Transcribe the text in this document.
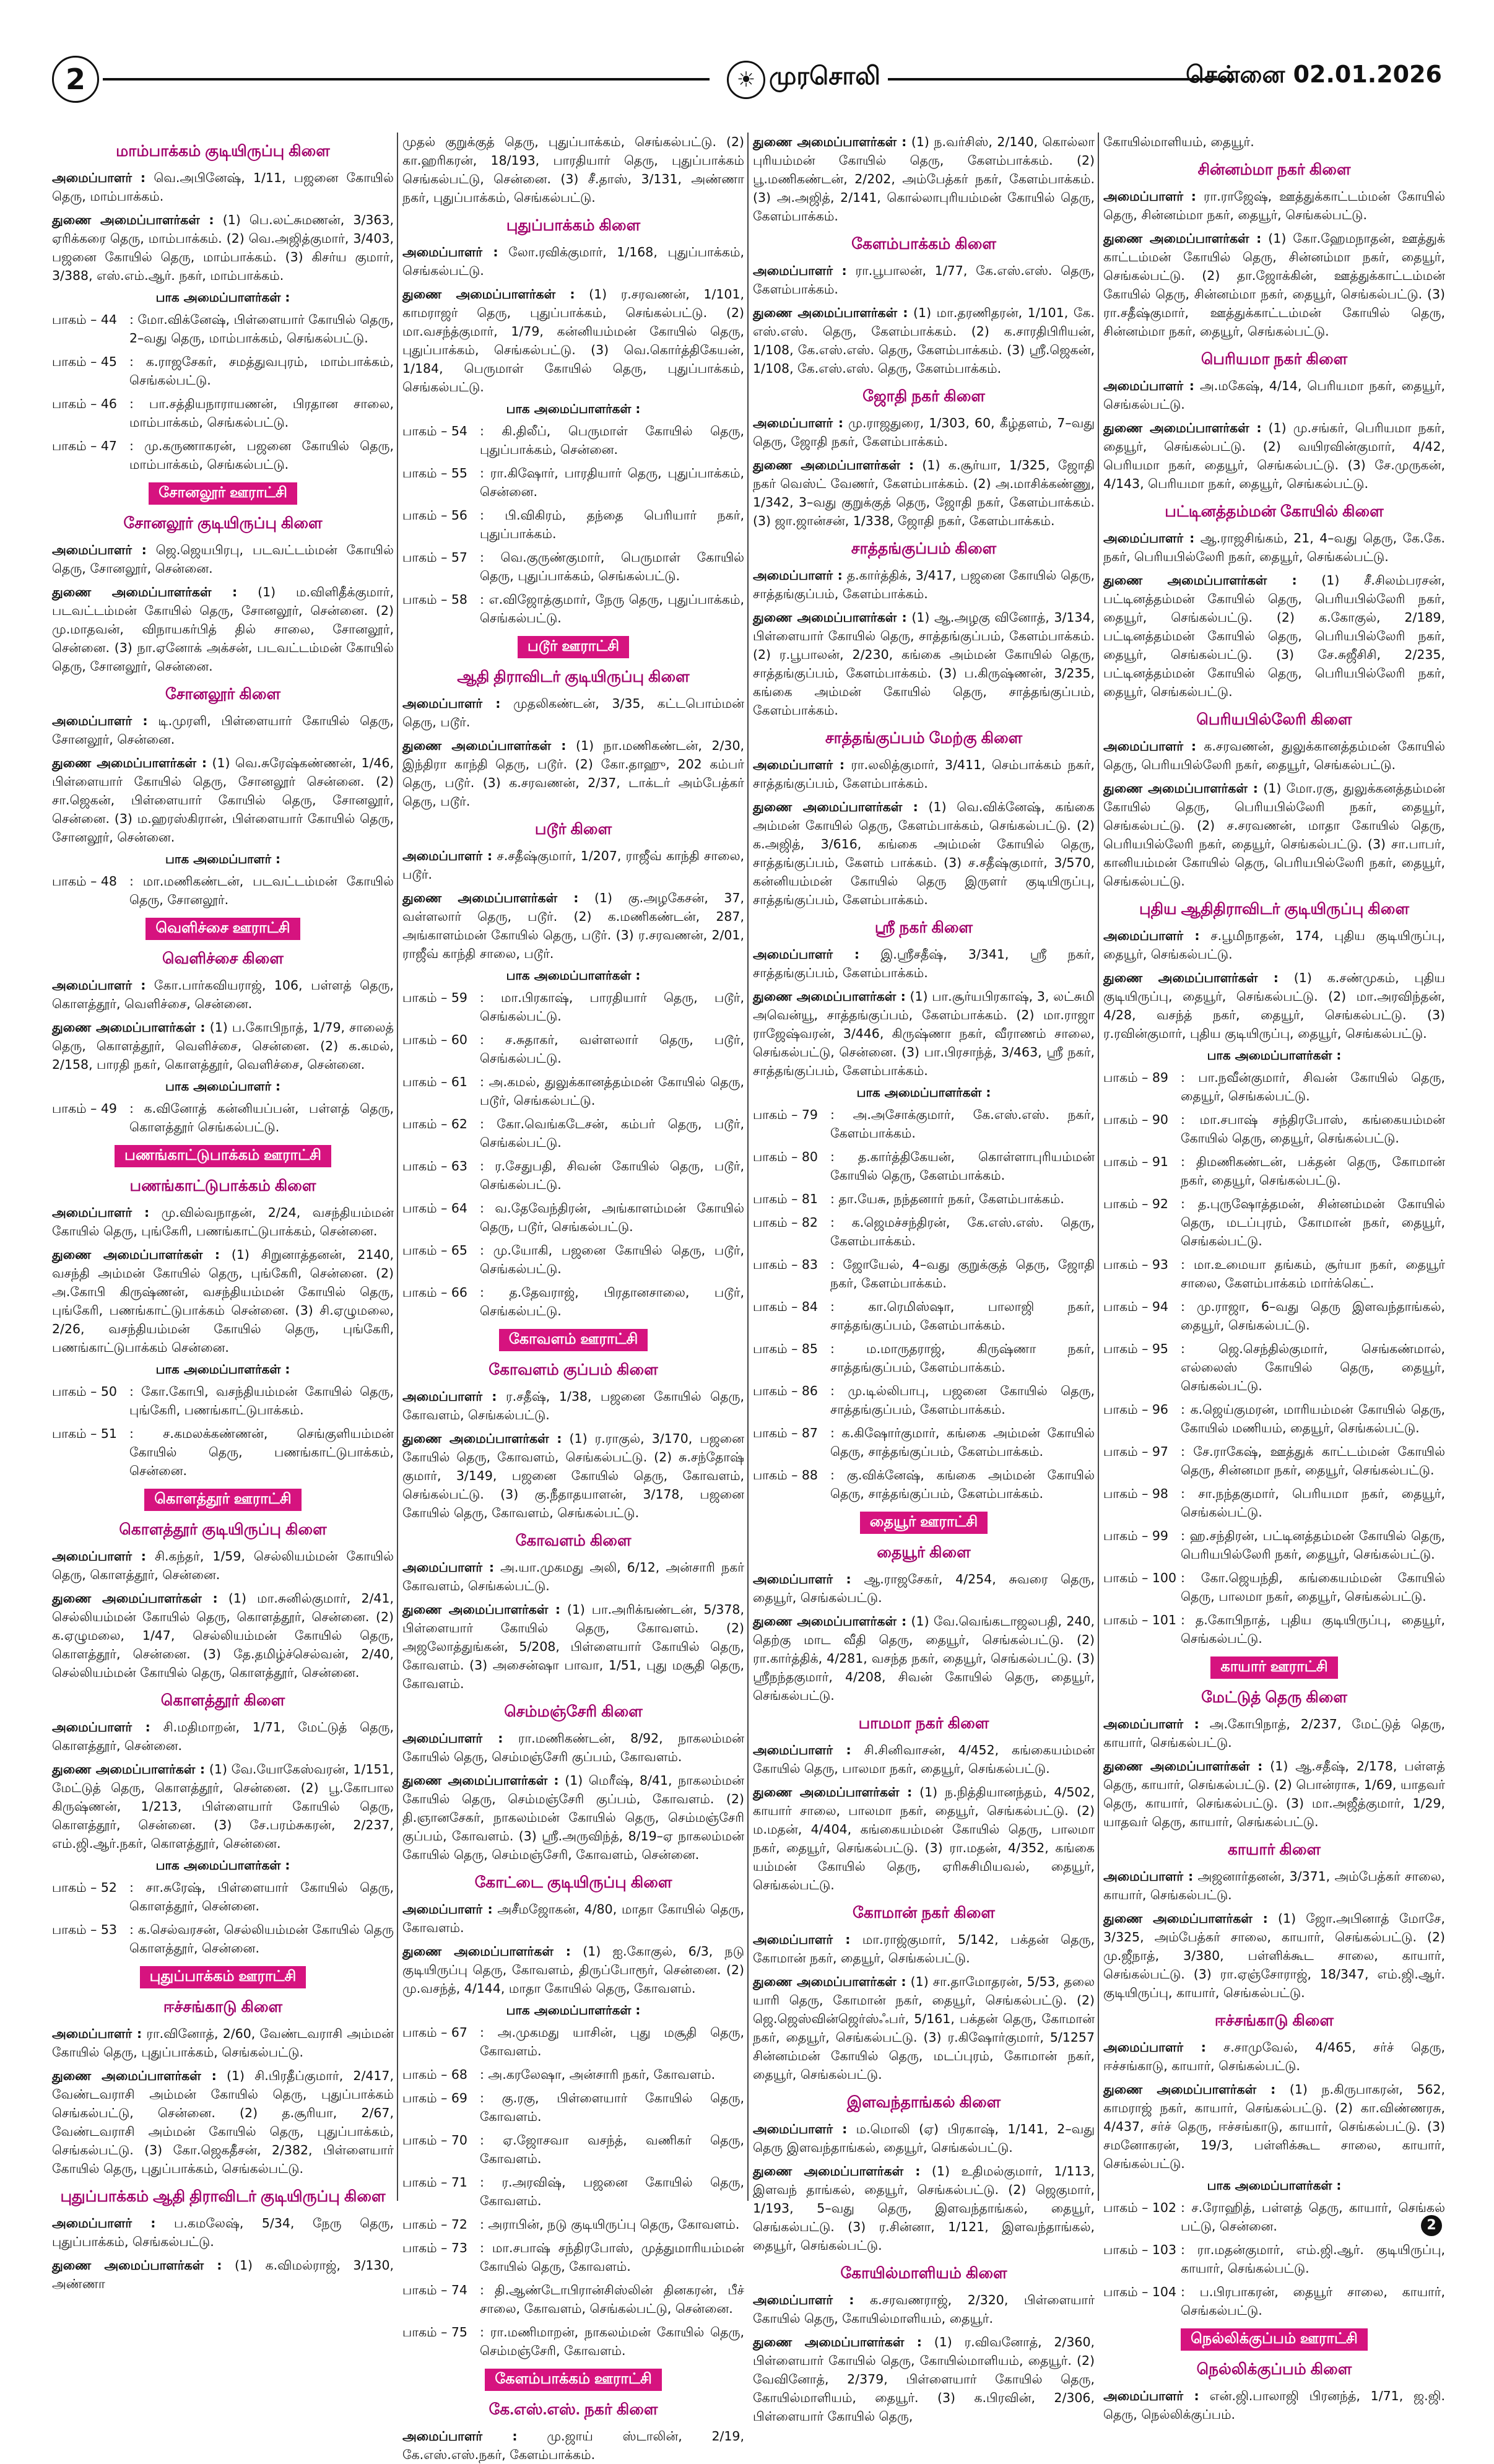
2	☀ முரசொலி	சென்னை 02.01.2026
மாம்பாக்கம் குடியிருப்பு கிளை

அமைப்பாளர் : வெ.அபினேஷ், 1/11, பஜனை கோயில் தெரு, மாம்பாக்கம்.

துணை அமைப்பாளர்கள் : (1) பெ.லட்சுமணன், 3/363, ஏரிக்கரை தெரு, மாம்பாக்கம். (2) வெ.அஜித்குமார், 3/403, பஜனை கோயில் தெரு, மாம்பாக்கம். (3) கிசர்ய குமார், 3/388, எஸ்.எம்.ஆர். நகர், மாம்பாக்கம்.

பாக அமைப்பாளர்கள் :
பாகம் – 44 : மோ.விக்னேஷ், பிள்ளையார் கோயில் தெரு, 2–வது தெரு, மாம்பாக்கம், செங்கல்பட்டு.
பாகம் – 45 : க.ராஜசேகர், சமத்துவபுரம், மாம்பாக்கம், செங்கல்பட்டு.
பாகம் – 46 : பா.சத்தியநாராயணன், பிரதான சாலை, மாம்பாக்கம், செங்கல்பட்டு.
பாகம் – 47 : மு.கருணாகரன், பஜனை கோயில் தெரு, மாம்பாக்கம், செங்கல்பட்டு.
சோனலூர் ஊராட்சி
சோனலூர் குடியிருப்பு கிளை

அமைப்பாளர் : ஜெ.ஜெயபிரபு, படவட்டம்மன் கோயில் தெரு, சோனலூர், சென்னை.

துணை அமைப்பாளர்கள் : (1) ம.விளிதீக்குமார், படவட்டம்மன் கோயில் தெரு, சோனலூர், சென்னை. (2) மு.மாதவன், விநாயகர்பித் தில் சாலை, சோனலூர், சென்னை. (3) நா.ஏனோக் அக்சன், படவட்டம்மன் கோயில் தெரு, சோனலூர், சென்னை.

சோனலூர் கிளை

அமைப்பாளர் : டி.முரளி, பிள்ளையார் கோயில் தெரு, சோனலூர், சென்னை.

துணை அமைப்பாளர்கள் : (1) வெ.சுரேஷ்கண்ணன், 1/46, பிள்ளையார் கோயில் தெரு, சோனலூர் சென்னை. (2) சா.ஜெகன், பிள்ளையார் கோயில் தெரு, சோனலூர், சென்னை. (3) ம.ஹரஸ்கிரான், பிள்ளையார் கோயில் தெரு, சோனலூர், சென்னை.

பாக அமைப்பாளர் :
பாகம் – 48 : மா.மணிகண்டன், படவட்டம்மன் கோயில் தெரு, சோனலூர்.
வெளிச்சை ஊராட்சி
வெளிச்சை கிளை

அமைப்பாளர் : கோ.பார்கவியராஜ், 106, பள்ளத் தெரு, கொளத்தூர், வெளிச்சை, சென்னை.

துணை அமைப்பாளர்கள் : (1) ப.கோபிநாத், 1/79, சாலைத் தெரு, கொளத்தூர், வெளிச்சை, சென்னை. (2) க.கமல், 2/158, பாரதி நகர், கொளத்தூர், வெளிச்சை, சென்னை.

பாக அமைப்பாளர் :
பாகம் – 49 : க.வினோத் கன்னியப்பன், பள்ளத் தெரு, கொளத்தூர் செங்கல்பட்டு.
பணங்காட்டுபாக்கம் ஊராட்சி
பணங்காட்டுபாக்கம் கிளை

அமைப்பாளர் : மு.வில்வநாதன், 2/24, வசந்தியம்மன் கோயில் தெரு, புங்கேரி, பணங்காட்டுபாக்கம், சென்னை.

துணை அமைப்பாளர்கள் : (1) சிறுனாத்தனன், 2140, வசந்தி அம்மன் கோயில் தெரு, புங்கேரி, சென்னை. (2) அ.கோபி கிருஷ்ணன், வசந்தியம்மன் கோயில் தெரு, புங்கேரி, பணங்காட்டுபாக்கம் சென்னை. (3) சி.ஏழுமலை, 2/26, வசந்தியம்மன் கோயில் தெரு, புங்கேரி, பணங்காட்டுபாக்கம் சென்னை.

பாக அமைப்பாளர்கள் :
பாகம் – 50 : கோ.கோபி, வசந்தியம்மன் கோயில் தெரு, புங்கேரி, பணங்காட்டுபாக்கம்.
பாகம் – 51 : ச.கமலக்கண்ணன், செங்குளியம்மன் கோயில் தெரு, பணங்காட்டுபாக்கம், சென்னை.
கொளத்தூர் ஊராட்சி
கொளத்தூர் குடியிருப்பு கிளை

அமைப்பாளர் : சி.கந்தர், 1/59, செல்லியம்மன் கோயில் தெரு, கொளத்தூர், சென்னை.

துணை அமைப்பாளர்கள் : (1) மா.சுனில்குமார், 2/41, செல்லியம்மன் கோயில் தெரு, கொளத்தூர், சென்னை. (2) க.ஏழுமலை, 1/47, செல்லியம்மன் கோயில் தெரு, கொளத்தூர், சென்னை. (3) தே.தமிழ்ச்செல்வன், 2/40, செல்லியம்மன் கோயில் தெரு, கொளத்தூர், சென்னை.

கொளத்தூர் கிளை

அமைப்பாளர் : சி.மதிமாறன், 1/71, மேட்டுத் தெரு, கொளத்தூர், சென்னை.

துணை அமைப்பாளர்கள் : (1) வே.யோகேஸ்வரன், 1/151, மேட்டுத் தெரு, கொளத்தூர், சென்னை. (2) பூ.கோபால கிருஷ்ணன், 1/213, பிள்ளையார் கோயில் தெரு, கொளத்தூர், சென்னை. (3) சே.பரம்சுகரன், 2/237, எம்.ஜி.ஆர்.நகர், கொளத்தூர், சென்னை.

பாக அமைப்பாளர்கள் :
பாகம் – 52 : சா.சுரேஷ், பிள்ளையார் கோயில் தெரு, கொளத்தூர், சென்னை.
பாகம் – 53 : க.செல்வரசன், செல்லியம்மன் கோயில் தெரு கொளத்தூர், சென்னை.
புதுப்பாக்கம் ஊராட்சி
ஈச்சங்காடு கிளை

அமைப்பாளர் : ரா.வினோத், 2/60, வேண்டவராசி அம்மன் கோயில் தெரு, புதுப்பாக்கம், செங்கல்பட்டு.

துணை அமைப்பாளர்கள் : (1) சி.பிரதீப்குமார், 2/417, வேண்டவராசி அம்மன் கோயில் தெரு, புதுப்பாக்கம் செங்கல்பட்டு, சென்னை. (2) த.சூரியா, 2/67, வேண்டவராசி அம்மன் கோயில் தெரு, புதுப்பாக்கம், செங்கல்பட்டு. (3) கோ.ஜெகதீசன், 2/382, பிள்ளையார் கோயில் தெரு, புதுப்பாக்கம், செங்கல்பட்டு.

புதுப்பாக்கம் ஆதி திராவிடர் குடியிருப்பு கிளை

அமைப்பாளர் : ப.கமலேஷ், 5/34, நேரு தெரு, புதுப்பாக்கம், செங்கல்பட்டு.

துணை அமைப்பாளர்கள் : (1) க.விமல்ராஜ், 3/130, அண்ணா

முதல் குறுக்குத் தெரு, புதுப்பாக்கம், செங்கல்பட்டு. (2) கா.ஹரிகரன், 18/193, பாரதியார் தெரு, புதுப்பாக்கம் செங்கல்பட்டு, சென்னை. (3) சீ.தாஸ், 3/131, அண்ணா நகர், புதுப்பாக்கம், செங்கல்பட்டு.

புதுப்பாக்கம் கிளை

அமைப்பாளர் : லோ.ரவிக்குமார், 1/168, புதுப்பாக்கம், செங்கல்பட்டு.

துணை அமைப்பாளர்கள் : (1) ர.சரவணன், 1/101, காமராஜர் தெரு, புதுப்பாக்கம், செங்கல்பட்டு. (2) மா.வசந்த்குமார், 1/79, கன்னியம்மன் கோயில் தெரு, புதுப்பாக்கம், செங்கல்பட்டு. (3) வெ.கொர்த்திகேயன், 1/184, பெருமாள் கோயில் தெரு, புதுப்பாக்கம், செங்கல்பட்டு.

பாக அமைப்பாளர்கள் :
பாகம் – 54 : கி.திலீப், பெருமாள் கோயில் தெரு, புதுப்பாக்கம், சென்னை.
பாகம் – 55 : ரா.கிஷோர், பாரதியார் தெரு, புதுப்பாக்கம், சென்னை.
பாகம் – 56 : பி.விகிரம், தந்தை பெரியார் நகர், புதுப்பாக்கம்.
பாகம் – 57 : வெ.குருண்குமார், பெருமாள் கோயில் தெரு, புதுப்பாக்கம், செங்கல்பட்டு.
பாகம் – 58 : எ.விஜோத்குமார், நேரு தெரு, புதுப்பாக்கம், செங்கல்பட்டு.
படூர் ஊராட்சி
ஆதி திராவிடர் குடியிருப்பு கிளை

அமைப்பாளர் : முதலிகண்டன், 3/35, கட்டபொம்மன் தெரு, படூர்.

துணை அமைப்பாளர்கள் : (1) நா.மணிகண்டன், 2/30, இந்திரா காந்தி தெரு, படூர். (2) கோ.தாஹு, 202 கம்பர் தெரு, படூர். (3) க.சரவணன், 2/37, டாக்டர் அம்பேத்கர் தெரு, படூர்.

படூர் கிளை

அமைப்பாளர் : ச.சதீஷ்குமார், 1/207, ராஜீவ் காந்தி சாலை, படூர்.

துணை அமைப்பாளர்கள் : (1) கு.அழகேசன், 37, வள்ளலார் தெரு, படூர். (2) க.மணிகண்டன், 287, அங்காளம்மன் கோயில் தெரு, படூர். (3) ர.சரவணன், 2/01, ராஜீவ் காந்தி சாலை, படூர்.

பாக அமைப்பாளர்கள் :
பாகம் – 59 : மா.பிரகாஷ், பாரதியார் தெரு, படூர், செங்கல்பட்டு.
பாகம் – 60 : ச.சுதாகர், வள்ளலார் தெரு, படூர், செங்கல்பட்டு.
பாகம் – 61 : அ.கமல், துலுக்கானத்தம்மன் கோயில் தெரு, படூர், செங்கல்பட்டு.
பாகம் – 62 : கோ.வெங்கடேசன், கம்பர் தெரு, படூர், செங்கல்பட்டு.
பாகம் – 63 : ர.சேதுபதி, சிவன் கோயில் தெரு, படூர், செங்கல்பட்டு.
பாகம் – 64 : வ.தேவேந்திரன், அங்காளம்மன் கோயில் தெரு, படூர், செங்கல்பட்டு.
பாகம் – 65 : மு.யோகி, பஜனை கோயில் தெரு, படூர், செங்கல்பட்டு.
பாகம் – 66 : த.தேவராஜ், பிரதானசாலை, படூர், செங்கல்பட்டு.
கோவளம் ஊராட்சி
கோவளம் குப்பம் கிளை

அமைப்பாளர் : ர.சதீஷ், 1/38, பஜனை கோயில் தெரு, கோவளம், செங்கல்பட்டு.

துணை அமைப்பாளர்கள் : (1) ர.ராகுல், 3/170, பஜனை கோயில் தெரு, கோவளம், செங்கல்பட்டு. (2) சு.சந்தோஷ் குமார், 3/149, பஜனை கோயில் தெரு, கோவளம், செங்கல்பட்டு. (3) கு.நீதாதயாளன், 3/178, பஜனை கோயில் தெரு, கோவளம், செங்கல்பட்டு.

கோவளம் கிளை

அமைப்பாளர் : அ.யா.முகமது அலி, 6/12, அன்சாரி நகர் கோவளம், செங்கல்பட்டு.

துணை அமைப்பாளர்கள் : (1) பா.அரிக்ஙண்டன், 5/378, பிள்ளையார் கோயில் தெரு, கோவளம். (2) அஜலோத்துங்கன், 5/208, பிள்ளையார் கோயில் தெரு, கோவளம். (3) அசைன்ஷா பாவா, 1/51, புது மசூதி தெரு, கோவளம்.

செம்மஞ்சேரி கிளை

அமைப்பாளர் : ரா.மணிகண்டன், 8/92, நாகலம்மன் கோயில் தெரு, செம்மஞ்சேரி குப்பம், கோவளம்.

துணை அமைப்பாளர்கள் : (1) மெரீஷ், 8/41, நாகலம்மன் கோயில் தெரு, செம்மஞ்சேரி குப்பம், கோவளம். (2) தி.ஞானசேகர், நாகலம்மன் கோயில் தெரு, செம்மஞ்சேரி குப்பம், கோவளம். (3) ஸ்ரீ.அருவிந்த், 8/19–ஏ நாகலம்மன் கோயில் தெரு, செம்மஞ்சேரி, கோவளம், சென்னை.

கோட்டை குடியிருப்பு கிளை

அமைப்பாளர் : அசீமஜோகன், 4/80, மாதா கோயில் தெரு, கோவளம்.

துணை அமைப்பாளர்கள் : (1) ஐ.கோகுல், 6/3, நடு குடியிருப்பு தெரு, கோவளம், திருப்போரூர், சென்னை. (2) மு.வசந்த், 4/144, மாதா கோயில் தெரு, கோவளம்.

பாக அமைப்பாளர்கள் :
பாகம் – 67 : அ.முகமது யாசின், புது மசூதி தெரு, கோவளம்.
பாகம் – 68 : அ.கரலேஷா, அன்சாரி நகர், கோவளம்.
பாகம் – 69 : கு.ரகு, பிள்ளையார் கோயில் தெரு, கோவளம்.
பாகம் – 70 : ஏ.ஜோசவா வசந்த், வணிகர் தெரு, கோவளம்.
பாகம் – 71 : ர.அரவிஷ், பஜனை கோயில் தெரு, கோவளம்.
பாகம் – 72 : அராபின், நடு குடியிருப்பு தெரு, கோவளம்.
பாகம் – 73 : மா.சபாஷ் சந்திரபோஸ், முத்துமாரியம்மன் கோயில் தெரு, கோவளம்.
பாகம் – 74 : தி.ஆண்டோபிரான்சிஸ்லின் தினகரன், பீச் சாலை, கோவளம், செங்கல்பட்டு, சென்னை.
பாகம் – 75 : ரா.மணிமாறன், நாகலம்மன் கோயில் தெரு, செம்மஞ்சேரி, கோவளம்.
கேளம்பாக்கம் ஊராட்சி
கே.எஸ்.எஸ். நகர் கிளை

அமைப்பாளர் : மு.ஜாய் ஸ்டாலின், 2/19, கே.எஸ்.எஸ்.நகர், கேளம்பாக்கம்.

துணை அமைப்பாளர்கள் : (1) ந.வர்சிஸ், 2/140, கொல்லா புரியம்மன் கோயில் தெரு, கேளம்பாக்கம். (2) பூ.மணிகண்டன், 2/202, அம்பேத்கர் நகர், கேளம்பாக்கம். (3) அ.அஜித், 2/141, கொல்லாபுரியம்மன் கோயில் தெரு, கேளம்பாக்கம்.

கேளம்பாக்கம் கிளை

அமைப்பாளர் : ரா.பூபாலன், 1/77, கே.எஸ்.எஸ். தெரு, கேளம்பாக்கம்.

துணை அமைப்பாளர்கள் : (1) மா.தரணிதரன், 1/101, கே. எஸ்.எஸ். தெரு, கேளம்பாக்கம். (2) க.சாரதிபிரியன், 1/108, கே.எஸ்.எஸ். தெரு, கேளம்பாக்கம். (3) ஸ்ரீ.ஜெகன், 1/108, கே.எஸ்.எஸ். தெரு, கேளம்பாக்கம்.

ஜோதி நகர் கிளை

அமைப்பாளர் : மு.ராஜதுரை, 1/303, 60, கீழ்தளம், 7–வது தெரு, ஜோதி நகர், கேளம்பாக்கம்.

துணை அமைப்பாளர்கள் : (1) க.சூர்யா, 1/325, ஜோதி நகர் வெஸ்ட் வேணர், கேளம்பாக்கம். (2) அ.மாசிக்கண்ணு, 1/342, 3–வது குறுக்குத் தெரு, ஜோதி நகர், கேளம்பாக்கம். (3) ஜா.ஜான்சன், 1/338, ஜோதி நகர், கேளம்பாக்கம்.

சாத்தங்குப்பம் கிளை

அமைப்பாளர் : த.கார்த்திக், 3/417, பஜனை கோயில் தெரு, சாத்தங்குப்பம், கேளம்பாக்கம்.

துணை அமைப்பாளர்கள் : (1) ஆ.அழகு வினோத், 3/134, பிள்ளையார் கோயில் தெரு, சாத்தங்குப்பம், கேளம்பாக்கம். (2) ர.பூபாலன், 2/230, கங்கை அம்மன் கோயில் தெரு, சாத்தங்குப்பம், கேளம்பாக்கம். (3) ப.கிருஷ்ணன், 3/235, கங்கை அம்மன் கோயில் தெரு, சாத்தங்குப்பம், கேளம்பாக்கம்.

சாத்தங்குப்பம் மேற்கு கிளை

அமைப்பாளர் : ரா.லலித்குமார், 3/411, செம்பாக்கம் நகர், சாத்தங்குப்பம், கேளம்பாக்கம்.

துணை அமைப்பாளர்கள் : (1) வெ.விக்னேஷ், கங்கை அம்மன் கோயில் தெரு, கேளம்பாக்கம், செங்கல்பட்டு. (2) க.அஜித், 3/616, கங்கை அம்மன் கோயில் தெரு, சாத்தங்குப்பம், கேளம் பாக்கம். (3) ச.சதீஷ்குமார், 3/570, கன்னியம்மன் கோயில் தெரு இருளர் குடியிருப்பு, சாத்தங்குப்பம், கேளம்பாக்கம்.

ஸ்ரீ நகர் கிளை

அமைப்பாளர் : இ.ஸ்ரீசதீஷ், 3/341, ஸ்ரீ நகர், சாத்தங்குப்பம், கேளம்பாக்கம்.

துணை அமைப்பாளர்கள் : (1) பா.சூர்யபிரகாஷ், 3, லட்சுமி அவென்யூ, சாத்தங்குப்பம், கேளம்பாக்கம். (2) மா.ராஜா ராஜேஷ்வரன், 3/446, கிருஷ்ணா நகர், வீராணம் சாலை, செங்கல்பட்டு, சென்னை. (3) பா.பிரசாந்த், 3/463, ஸ்ரீ நகர், சாத்தங்குப்பம், கேளம்பாக்கம்.

பாக அமைப்பாளர்கள் :
பாகம் – 79 : அ.அசோக்குமார், கே.எஸ்.எஸ். நகர், கேளம்பாக்கம்.
பாகம் – 80 : த.கார்த்திகேயன், கொள்ளாபுரியம்மன் கோயில் தெரு, கேளம்பாக்கம்.
பாகம் – 81 : தா.யேசு, நந்தனார் நகர், கேளம்பாக்கம்.
பாகம் – 82 : க.ஜெமச்சந்திரன், கே.எஸ்.எஸ். தெரு, கேளம்பாக்கம்.
பாகம் – 83 : ஜோயேல், 4–வது குறுக்குத் தெரு, ஜோதி நகர், கேளம்பாக்கம்.
பாகம் – 84 : கா.ரெமிஸ்ஷா, பாலாஜி நகர், சாத்தங்குப்பம், கேளம்பாக்கம்.
பாகம் – 85 : ம.மாருதராஜ், கிருஷ்ணா நகர், சாத்தங்குப்பம், கேளம்பாக்கம்.
பாகம் – 86 : மு.டில்லிபாபு, பஜனை கோயில் தெரு, சாத்தங்குப்பம், கேளம்பாக்கம்.
பாகம் – 87 : க.கிஷோர்குமார், கங்கை அம்மன் கோயில் தெரு, சாத்தங்குப்பம், கேளம்பாக்கம்.
பாகம் – 88 : கு.விக்னேஷ், கங்கை அம்மன் கோயில் தெரு, சாத்தங்குப்பம், கேளம்பாக்கம்.
தையூர் ஊராட்சி
தையூர் கிளை

அமைப்பாளர் : ஆ.ராஜசேகர், 4/254, சுவரை தெரு, தையூர், செங்கல்பட்டு.

துணை அமைப்பாளர்கள் : (1) வே.வெங்கடாஜலபதி, 240, தெற்கு மாட வீதி தெரு, தையூர், செங்கல்பட்டு. (2) ரா.கார்த்திக், 4/281, வசந்த நகர், தையூர், செங்கல்பட்டு. (3) ஸ்ரீநந்தகுமார், 4/208, சிவன் கோயில் தெரு, தையூர், செங்கல்பட்டு.

பாமமா நகர் கிளை

அமைப்பாளர் : சி.சினிவாசன், 4/452, கங்கையம்மன் கோயில் தெரு, பாலமா நகர், தையூர், செங்கல்பட்டு.

துணை அமைப்பாளர்கள் : (1) ந.நித்தியானந்தம், 4/502, காயார் சாலை, பாலமா நகர், தையூர், செங்கல்பட்டு. (2) ம.மதன், 4/404, கங்கையம்மன் கோயில் தெரு, பாலமா நகர், தையூர், செங்கல்பட்டு. (3) ரா.மதன், 4/352, கங்கை யம்மன் கோயில் தெரு, ஏரிசுசிமியவல், தையூர், செங்கல்பட்டு.

கோமான் நகர் கிளை

அமைப்பாளர் : மா.ராஜ்குமார், 5/142, பக்தன் தெரு, கோமான் நகர், தையூர், செங்கல்பட்டு.

துணை அமைப்பாளர்கள் : (1) சா.தாமோதரன், 5/53, தலை யாரி தெரு, கோமான் நகர், தையூர், செங்கல்பட்டு. (2) ஜெ.ஜெஸ்வின்ஜெர்ஸ்ஃபர், 5/161, பக்தன் தெரு, கோமான் நகர், தையூர், செங்கல்பட்டு. (3) ர.கிஷோர்குமார், 5/1257 சின்னம்மன் கோயில் தெரு, மடப்புரம், கோமான் நகர், தையூர், செங்கல்பட்டு.

இளவந்தாங்கல் கிளை

அமைப்பாளர் : ம.மொலி (ஏ) பிரகாஷ், 1/141, 2–வது தெரு இளவந்தாங்கல், தையூர், செங்கல்பட்டு.

துணை அமைப்பாளர்கள் : (1) உதிமல்குமார், 1/113, இளவந் தாங்கல், தையூர், செங்கல்பட்டு. (2) ஜெகுமார், 1/193, 5–வது தெரு, இளவந்தாங்கல், தையூர், செங்கல்பட்டு. (3) ர.சின்னா, 1/121, இளவந்தாங்கல், தையூர், செங்கல்பட்டு.

கோயில்மாளியம் கிளை

அமைப்பாளர் : க.சரவணராஜ், 2/320, பிள்ளையார் கோயில் தெரு, கோயில்மாளியம், தையூர்.

துணை அமைப்பாளர்கள் : (1) ர.விவனோத், 2/360, பிள்ளையார் கோயில் தெரு, கோயில்மாளியம், தையூர். (2) வேவினோத், 2/379, பிள்ளையார் கோயில் தெரு, கோயில்மாளியம், தையூர். (3) க.பிரவின், 2/306, பிள்ளையார் கோயில் தெரு,

கோயில்மாளியம், தையூர்.

சின்னம்மா நகர் கிளை

அமைப்பாளர் : ரா.ராஜேஷ், ஊத்துக்காட்டம்மன் கோயில் தெரு, சின்னம்மா நகர், தையூர், செங்கல்பட்டு.

துணை அமைப்பாளர்கள் : (1) கோ.ஹேமநாதன், ஊத்துக் காட்டம்மன் கோயில் தெரு, சின்னம்மா நகர், தையூர், செங்கல்பட்டு. (2) தா.ஜோக்கின், ஊத்துக்காட்டம்மன் கோயில் தெரு, சின்னம்மா நகர், தையூர், செங்கல்பட்டு. (3) ரா.சதீஷ்குமார், ஊத்துக்காட்டம்மன் கோயில் தெரு, சின்னம்மா நகர், தையூர், செங்கல்பட்டு.

பெரியமா நகர் கிளை

அமைப்பாளர் : அ.மகேஷ், 4/14, பெரியமா நகர், தையூர், செங்கல்பட்டு.

துணை அமைப்பாளர்கள் : (1) மு.சங்கர், பெரியமா நகர், தையூர், செங்கல்பட்டு. (2) வயிரவின்குமார், 4/42, பெரியமா நகர், தையூர், செங்கல்பட்டு. (3) சே.முருகன், 4/143, பெரியமா நகர், தையூர், செங்கல்பட்டு.

பட்டினத்தம்மன் கோயில் கிளை

அமைப்பாளர் : ஆ.ராஜசிங்கம், 21, 4–வது தெரு, கே.கே. நகர், பெரியபில்லேரி நகர், தையூர், செங்கல்பட்டு.

துணை அமைப்பாளர்கள் : (1) சீ.சிலம்பரசன், பட்டினத்தம்மன் கோயில் தெரு, பெரியபில்லேரி நகர், தையூர், செங்கல்பட்டு. (2) க.கோகுல், 2/189, பட்டினத்தம்மன் கோயில் தெரு, பெரியபில்லேரி நகர், தையூர், செங்கல்பட்டு. (3) சே.சுஜீசிசி, 2/235, பட்டினத்தம்மன் கோயில் தெரு, பெரியபில்லேரி நகர், தையூர், செங்கல்பட்டு.

பெரியபில்லேரி கிளை

அமைப்பாளர் : க.சரவணன், துலுக்கானத்தம்மன் கோயில் தெரு, பெரியபில்லேரி நகர், தையூர், செங்கல்பட்டு.

துணை அமைப்பாளர்கள் : (1) மோ.ரகு, துலுக்கனத்தம்மன் கோயில் தெரு, பெரியபில்லேரி நகர், தையூர், செங்கல்பட்டு. (2) ச.சரவணன், மாதா கோயில் தெரு, பெரியபில்லேரி நகர், தையூர், செங்கல்பட்டு. (3) சா.பாபர், கானியம்மன் கோயில் தெரு, பெரியபில்லேரி நகர், தையூர், செங்கல்பட்டு.

புதிய ஆதிதிராவிடர் குடியிருப்பு கிளை

அமைப்பாளர் : ச.பூமிநாதன், 174, புதிய குடியிருப்பு, தையூர், செங்கல்பட்டு.

துணை அமைப்பாளர்கள் : (1) க.சண்முகம், புதிய குடியிருப்பு, தையூர், செங்கல்பட்டு. (2) மா.அரவிந்தன், 4/28, வசந்த் நகர், தையூர், செங்கல்பட்டு. (3) ர.ரவின்குமார், புதிய குடியிருப்பு, தையூர், செங்கல்பட்டு.

பாக அமைப்பாளர்கள் :
பாகம் – 89 : பா.நவீன்குமார், சிவன் கோயில் தெரு, தையூர், செங்கல்பட்டு.
பாகம் – 90 : மா.சபாஷ் சந்திரபோஸ், கங்கையம்மன் கோயில் தெரு, தையூர், செங்கல்பட்டு.
பாகம் – 91 : திமணிகண்டன், பக்தன் தெரு, கோமான் நகர், தையூர், செங்கல்பட்டு.
பாகம் – 92 : த.புருஷோத்தமன், சின்னம்மன் கோயில் தெரு, மடப்புரம், கோமான் நகர், தையூர், செங்கல்பட்டு.
பாகம் – 93 : மா.உமையா தங்கம், சூர்யா நகர், தையூர் சாலை, கேளம்பாக்கம் மார்க்கெட்.
பாகம் – 94 : மு.ராஜா, 6–வது தெரு இளவந்தாங்கல், தையூர், செங்கல்பட்டு.
பாகம் – 95 : ஜெ.செந்தில்குமார், செங்கண்மால், எல்லைஸ் கோயில் தெரு, தையூர், செங்கல்பட்டு.
பாகம் – 96 : க.ஜெய்குமரன், மாரியம்மன் கோயில் தெரு, கோயில் மணியம், தையூர், செங்கல்பட்டு.
பாகம் – 97 : சே.ராகேஷ், ஊத்துக் காட்டம்மன் கோயில் தெரு, சின்னமா நகர், தையூர், செங்கல்பட்டு.
பாகம் – 98 : சா.நந்தகுமார், பெரியமா நகர், தையூர், செங்கல்பட்டு.
பாகம் – 99 : ஹ.சந்திரன், பட்டினத்தம்மன் கோயில் தெரு, பெரியபில்லேரி நகர், தையூர், செங்கல்பட்டு.
பாகம் – 100 : கோ.ஜெயந்தி, கங்கையம்மன் கோயில் தெரு, பாலமா நகர், தையூர், செங்கல்பட்டு.
பாகம் – 101 : த.கோபிநாத், புதிய குடியிருப்பு, தையூர், செங்கல்பட்டு.
காயார் ஊராட்சி
மேட்டுத் தெரு கிளை

அமைப்பாளர் : அ.கோபிநாத், 2/237, மேட்டுத் தெரு, காயார், செங்கல்பட்டு.

துணை அமைப்பாளர்கள் : (1) ஆ.சதீஷ், 2/178, பள்ளத் தெரு, காயார், செங்கல்பட்டு. (2) பொன்ராசு, 1/69, யாதவர் தெரு, காயார், செங்கல்பட்டு. (3) மா.அஜீத்குமார், 1/29, யாதவர் தெரு, காயார், செங்கல்பட்டு.

காயார் கிளை

அமைப்பாளர் : அஜனார்தனன், 3/371, அம்பேத்கர் சாலை, காயார், செங்கல்பட்டு.

துணை அமைப்பாளர்கள் : (1) ஜோ.அபினாத் மோசே, 3/325, அம்பேத்கர் சாலை, காயார், செங்கல்பட்டு. (2) மு.ஜீநாத், 3/380, பள்ளிக்கூட சாலை, காயார், செங்கல்பட்டு. (3) ரா.ஏஞ்சோராஜ், 18/347, எம்.ஜி.ஆர். குடியிருப்பு, காயார், செங்கல்பட்டு.

ஈச்சங்காடு கிளை

அமைப்பாளர் : ச.சாமுவேல், 4/465, சர்ச் தெரு, ஈச்சங்காடு, காயார், செங்கல்பட்டு.

துணை அமைப்பாளர்கள் : (1) ந.கிருபாகரன், 562, காமராஜ் நகர், காயார், செங்கல்பட்டு. (2) கா.விண்ணரசு, 4/437, சர்ச் தெரு, ஈச்சங்காடு, காயார், செங்கல்பட்டு. (3) சமனோகரன், 19/3, பள்ளிக்கூட சாலை, காயார், செங்கல்பட்டு.

பாக அமைப்பாளர்கள் :
பாகம் – 102 : ச.ரோஹித், பள்ளத் தெரு, காயார், செங்கல் பட்டு, சென்னை.
பாகம் – 103 : ரா.மதன்குமார், எம்.ஜி.ஆர். குடியிருப்பு, காயார், செங்கல்பட்டு.
பாகம் – 104 : ப.பிரபாகரன், தையூர் சாலை, காயார், செங்கல்பட்டு.
நெல்லிக்குப்பம் ஊராட்சி
நெல்லிக்குப்பம் கிளை

அமைப்பாளர் : என்.ஜி.பாலாஜி பிரனந்த், 1/71, ஜ.ஜி. தெரு, நெல்லிக்குப்பம்.

2
